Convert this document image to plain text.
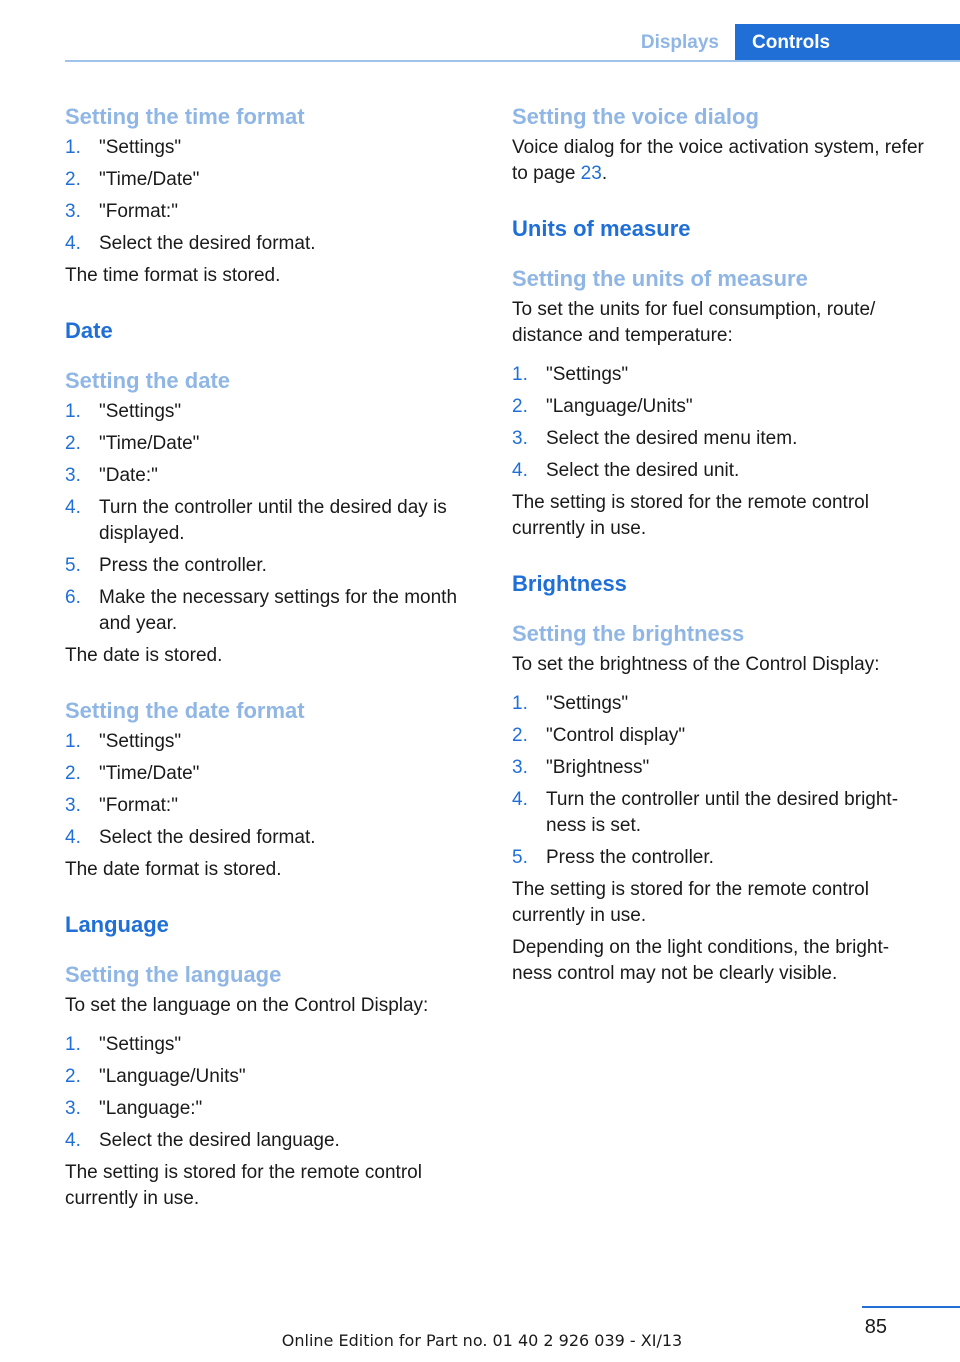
Displays	Controls
Setting the time format
1. "Settings"
2. "Time/Date"
3. "Format:"
4. Select the desired format.

The time format is stored.

Date
Setting the date
1. "Settings"
2. "Time/Date"
3. "Date:"
4. Turn the controller until the desired day is displayed.
5. Press the controller.
6. Make the necessary settings for the month and year.

The date is stored.

Setting the date format
1. "Settings"
2. "Time/Date"
3. "Format:"
4. Select the desired format.

The date format is stored.

Language
Setting the language

To set the language on the Control Display:

1. "Settings"
2. "Language/Units"
3. "Language:"
4. Select the desired language.

The setting is stored for the remote control currently in use.

Setting the voice dialog

Voice dialog for the voice activation system, refer to page 23.

Units of measure
Setting the units of measure

To set the units for fuel consumption, route/ distance and temperature:

1. "Settings"
2. "Language/Units"
3. Select the desired menu item.
4. Select the desired unit.

The setting is stored for the remote control currently in use.

Brightness
Setting the brightness

To set the brightness of the Control Display:

1. "Settings"
2. "Control display"
3. "Brightness"
4. Turn the controller until the desired bright‐ ness is set.
5. Press the controller.

The setting is stored for the remote control currently in use.

Depending on the light conditions, the bright‐ ness control may not be clearly visible.

85
Online Edition for Part no. 01 40 2 926 039 - XI/13
